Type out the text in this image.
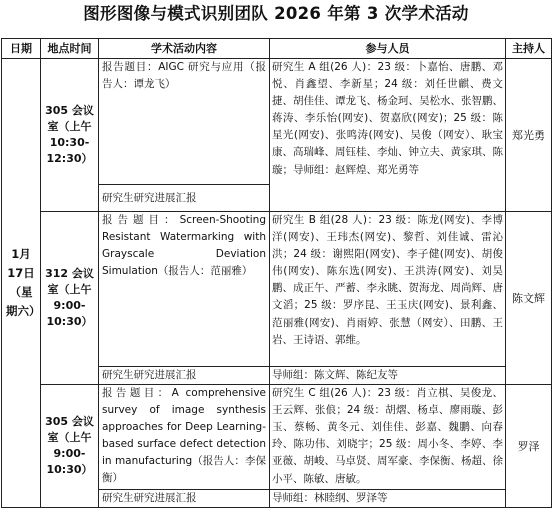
图形图像与模式识别团队 2026 年第 3 次学术活动
日期	地点时间	学术活动内容	参与人员	主持人
1月17日（星期六）	305 会议室（上午 10:30-12:30）	报告题目：AIGC 研究与应用（报告人：谭龙飞）	研究生 A 组(26 人)：23 级：卜嘉怡、唐鹏、邓悦、肖鑫望、李新星；24 级：刘任世麒、费文捷、胡佳佳、谭龙飞、杨金珂、吴松水、张智鹏、蒋涛、李乐怡(网安)、贺嘉欣(网安)；25 级：陈星光(网安)、张鸣涛(网安)、吴俊（网安）、耿宝康、高瑞峰、周钰桂、李灿、钟立夫、黄家琪、陈璇；导师组：赵辉煌、郑光勇等	郑光勇
		研究生研究进展汇报		
	312 会议室（上午 9:00-10:30）	报告题目：Screen-Shooting Resistant Watermarking with Grayscale Deviation Simulation（报告人：范丽雅）	研究生 B 组(28 人)：23 级：陈龙(网安)、李博洋(网安)、王玮杰(网安)、黎哲、刘佳诚、雷沁洪；24 级：谢熙阳(网安)、李子健(网安)、胡俊伟(网安)、陈东选(网安)、王洪涛(网安)、刘昊鹏、成正午、严蓄、李永眺、贺海龙、周尚辉、唐文滔；25 级：罗序昆、王玉庆(网安)、景利鑫、范丽雅(网安)、肖雨婷、张慧（网安）、田鹏、王岩、王诗语、郭维。	陈文辉
		研究生研究进展汇报	导师组：陈文辉、陈纪友等	
	305 会议室（上午 9:00-10:30）	报告题目：A comprehensive survey of image synthesis approaches for Deep Learning-based surface defect detection in manufacturing（报告人：李保衡）	研究生 C 组(26 人)：23 级：肖立棋、吴俊龙、王云辉、张俍；24 级：胡熠、杨卓、廖雨璇、彭玉、蔡畅、黄冬元、刘佳佳、彭嘉、魏鹏、向春玲、陈功伟、刘晓宇；25 级：周小冬、李婷、李亚薇、胡峻、马卓贤、周军豪、李保衡、杨超、徐小平、陈敏、唐敏。	罗泽
		研究生研究进展汇报	导师组：林睦纲、罗泽等	
